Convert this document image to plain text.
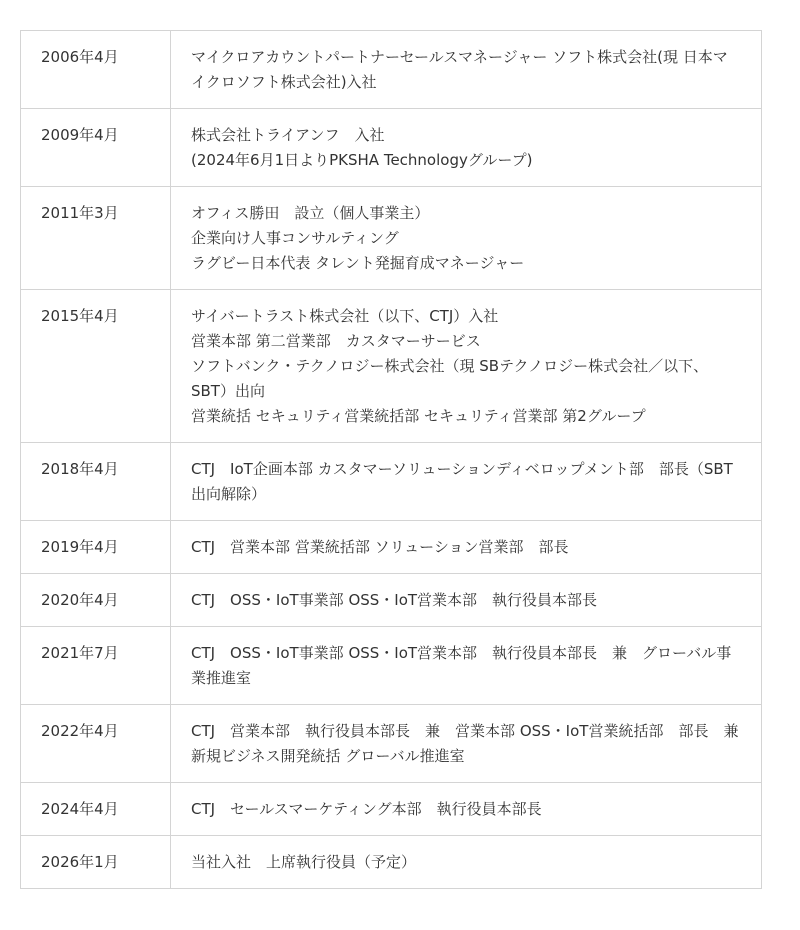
2006年4月	マイクロアカウントパートナーセールスマネージャー ソフト株式会社(現 日本マイクロソフト株式会社)入社

2009年4月	株式会社トライアンフ　入社
(2024年6月1日よりPKSHA Technologyグループ)

2011年3月	オフィス勝田　設立（個人事業主）
企業向け人事コンサルティング
ラグビー日本代表 タレント発掘育成マネージャー

2015年4月	サイバートラスト株式会社（以下、CTJ）入社
営業本部 第二営業部　カスタマーサービス
ソフトバンク・テクノロジー株式会社（現 SBテクノロジー株式会社／以下、SBT）出向
営業統括 セキュリティ営業統括部 セキュリティ営業部 第2グループ

2018年4月	CTJ　IoT企画本部 カスタマーソリューションディベロップメント部　部長（SBT出向解除）

2019年4月	CTJ　営業本部 営業統括部 ソリューション営業部　部長

2020年4月	CTJ　OSS・IoT事業部 OSS・IoT営業本部　執行役員本部長

2021年7月	CTJ　OSS・IoT事業部 OSS・IoT営業本部　執行役員本部長　兼　グローバル事業推進室

2022年4月	CTJ　営業本部　執行役員本部長　兼　営業本部 OSS・IoT営業統括部　部長　兼　新規ビジネス開発統括 グローバル推進室

2024年4月	CTJ　セールスマーケティング本部　執行役員本部長

2026年1月	当社入社　上席執行役員（予定）
